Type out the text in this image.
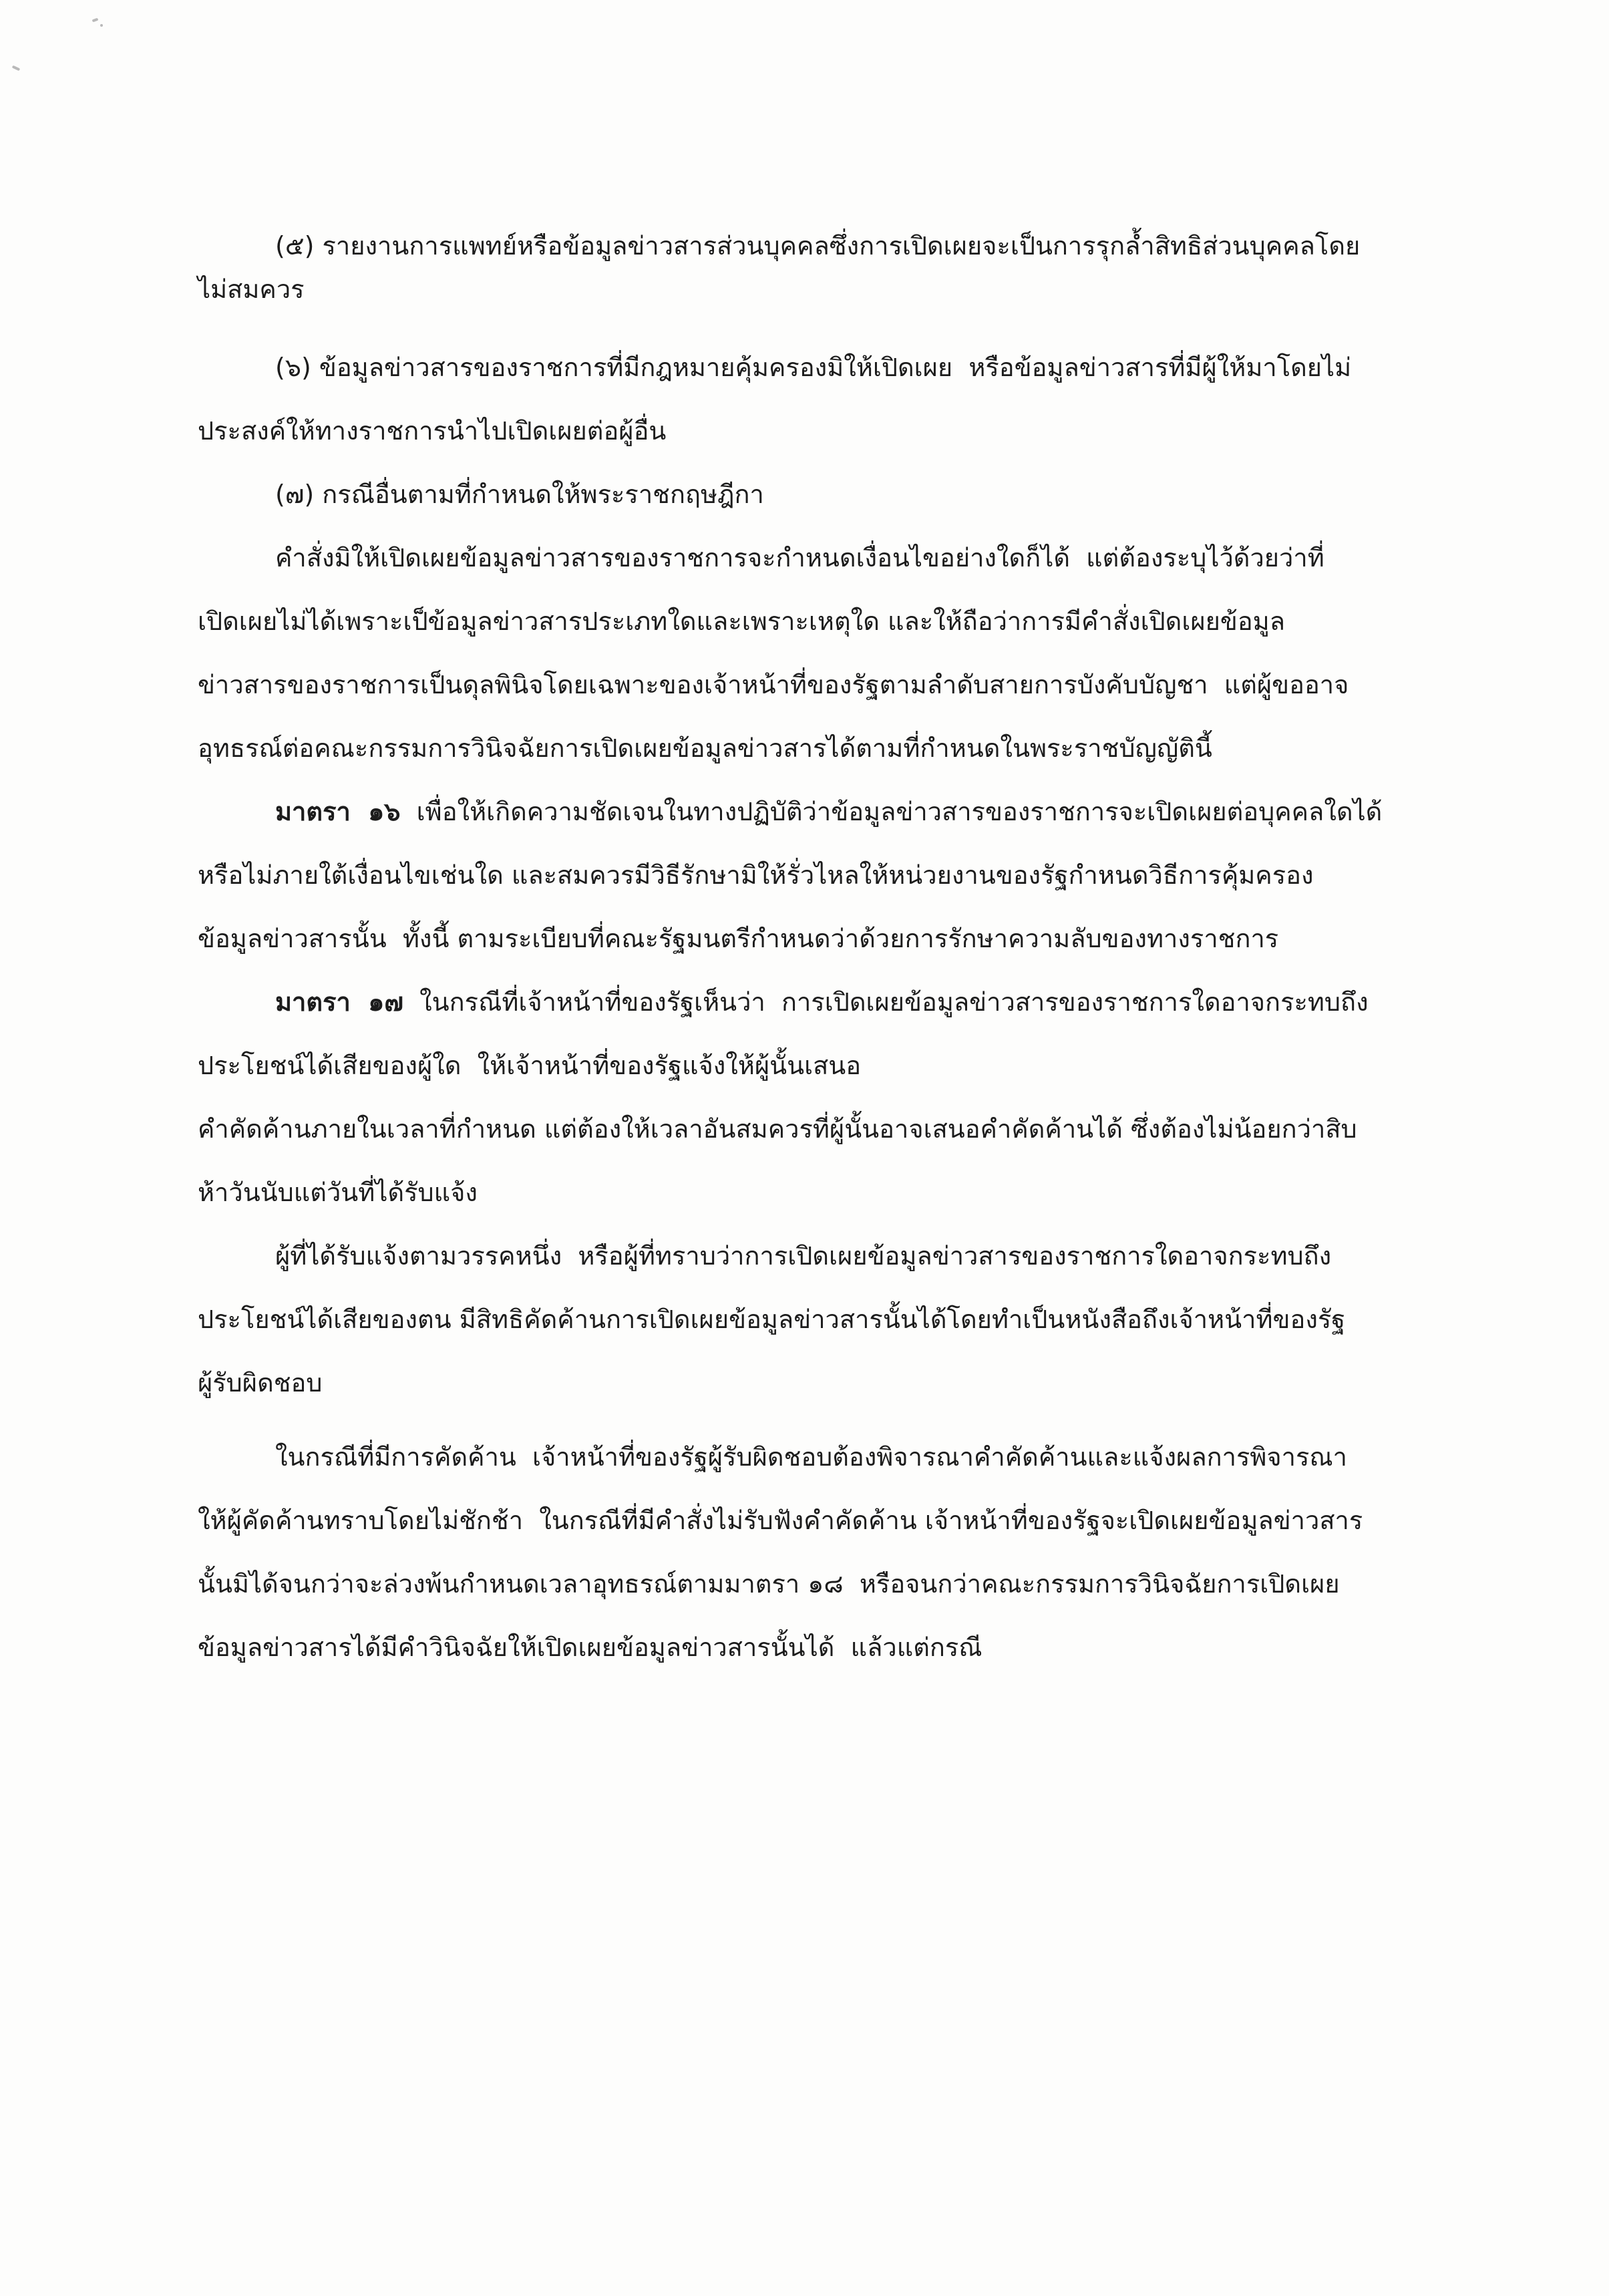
(๕) รายงานการแพทย์หรือข้อมูลข่าวสารส่วนบุคคลซึ่งการเปิดเผยจะเป็นการรุกล้ำสิทธิส่วนบุคคลโดย
ไม่สมควร
(๖) ข้อมูลข่าวสารของราชการที่มีกฎหมายคุ้มครองมิให้เปิดเผย  หรือข้อมูลข่าวสารที่มีผู้ให้มาโดยไม่
ประสงค์ให้ทางราชการนำไปเปิดเผยต่อผู้อื่น
(๗) กรณีอื่นตามที่กำหนดให้พระราชกฤษฎีกา
คำสั่งมิให้เปิดเผยข้อมูลข่าวสารของราชการจะกำหนดเงื่อนไขอย่างใดก็ได้  แต่ต้องระบุไว้ด้วยว่าที่
เปิดเผยไม่ได้เพราะเป็ข้อมูลข่าวสารประเภทใดและเพราะเหตุใด และให้ถือว่าการมีคำสั่งเปิดเผยข้อมูล
ข่าวสารของราชการเป็นดุลพินิจโดยเฉพาะของเจ้าหน้าที่ของรัฐตามลำดับสายการบังคับบัญชา  แต่ผู้ขออาจ
อุทธรณ์ต่อคณะกรรมการวินิจฉัยการเปิดเผยข้อมูลข่าวสารได้ตามที่กำหนดในพระราชบัญญัตินี้
มาตรา  ๑๖  เพื่อให้เกิดความชัดเจนในทางปฏิบัติว่าข้อมูลข่าวสารของราชการจะเปิดเผยต่อบุคคลใดได้
หรือไม่ภายใต้เงื่อนไขเช่นใด และสมควรมีวิธีรักษามิให้รั่วไหลให้หน่วยงานของรัฐกำหนดวิธีการคุ้มครอง
ข้อมูลข่าวสารนั้น  ทั้งนี้ ตามระเบียบที่คณะรัฐมนตรีกำหนดว่าด้วยการรักษาความลับของทางราชการ
มาตรา  ๑๗  ในกรณีที่เจ้าหน้าที่ของรัฐเห็นว่า  การเปิดเผยข้อมูลข่าวสารของราชการใดอาจกระทบถึง
ประโยชน์ได้เสียของผู้ใด  ให้เจ้าหน้าที่ของรัฐแจ้งให้ผู้นั้นเสนอ
คำคัดค้านภายในเวลาที่กำหนด แต่ต้องให้เวลาอันสมควรที่ผู้นั้นอาจเสนอคำคัดค้านได้ ซึ่งต้องไม่น้อยกว่าสิบ
ห้าวันนับแต่วันที่ได้รับแจ้ง
ผู้ที่ได้รับแจ้งตามวรรคหนึ่ง  หรือผู้ที่ทราบว่าการเปิดเผยข้อมูลข่าวสารของราชการใดอาจกระทบถึง
ประโยชน์ได้เสียของตน มีสิทธิคัดค้านการเปิดเผยข้อมูลข่าวสารนั้นได้โดยทำเป็นหนังสือถึงเจ้าหน้าที่ของรัฐ
ผู้รับผิดชอบ
ในกรณีที่มีการคัดค้าน  เจ้าหน้าที่ของรัฐผู้รับผิดชอบต้องพิจารณาคำคัดค้านและแจ้งผลการพิจารณา
ให้ผู้คัดค้านทราบโดยไม่ชักช้า  ในกรณีที่มีคำสั่งไม่รับฟังคำคัดค้าน เจ้าหน้าที่ของรัฐจะเปิดเผยข้อมูลข่าวสาร
นั้นมิได้จนกว่าจะล่วงพ้นกำหนดเวลาอุทธรณ์ตามมาตรา ๑๘  หรือจนกว่าคณะกรรมการวินิจฉัยการเปิดเผย
ข้อมูลข่าวสารได้มีคำวินิจฉัยให้เปิดเผยข้อมูลข่าวสารนั้นได้  แล้วแต่กรณี
